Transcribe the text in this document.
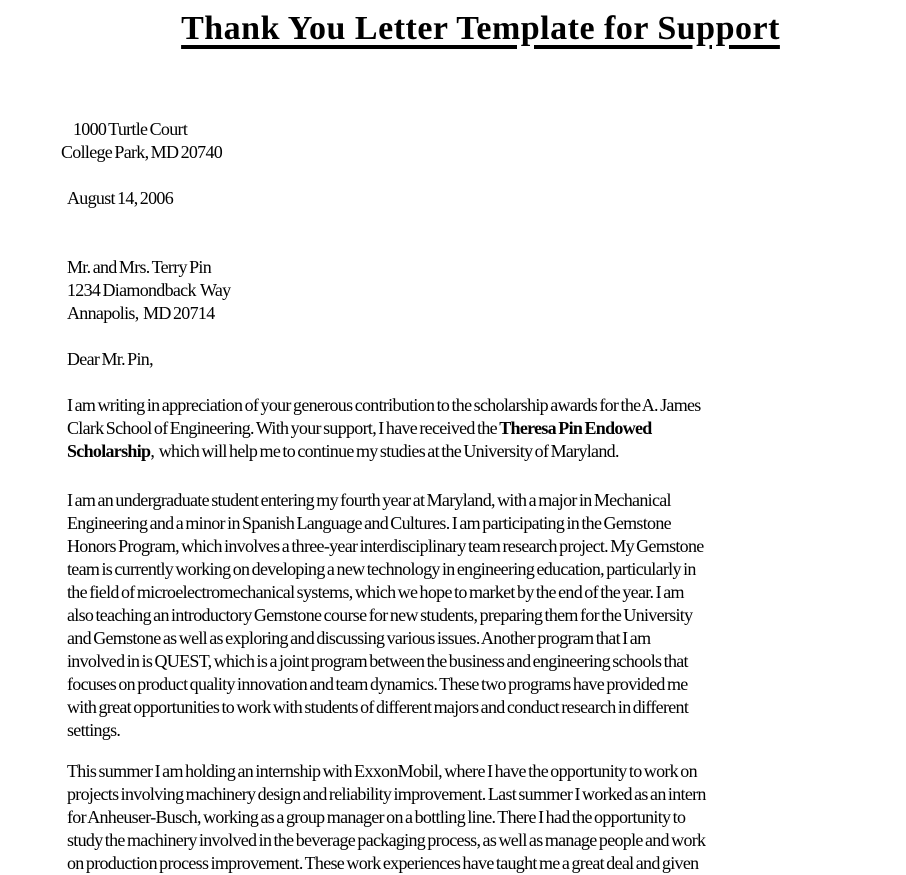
Thank You Letter Template for Support
1000 Turtle Court
College Park, MD 20740
August 14, 2006
Mr. and Mrs. Terry Pin
1234 Diamondback  Way
Annapolis,  MD 20714
Dear Mr. Pin,
I am writing in appreciation of your generous contribution to the scholarship awards for the A. James
Clark School of Engineering. With your support, I have received the Theresa Pin Endowed
Scholarship,  which will help me to continue my studies at the University of Maryland.
I am an undergraduate student entering my fourth year at Maryland, with a major in Mechanical
Engineering and a minor in Spanish Language and Cultures. I am participating in the Gemstone
Honors Program, which involves a three-year interdisciplinary team research project. My Gemstone
team is currently working on developing a new technology in engineering education, particularly in
the field of microelectromechanical systems, which we hope to market by the end of the year. I am
also teaching an introductory Gemstone course for new students, preparing them for the University
and Gemstone as well as exploring and discussing various issues. Another program that I am
involved in is QUEST, which is a joint program between the business and engineering schools that
focuses on product quality innovation and team dynamics. These two programs have provided me
with great opportunities to work with students of different majors and conduct research in different
settings.
This summer I am holding an internship with ExxonMobil, where I have the opportunity to work on
projects involving machinery design and reliability improvement. Last summer I worked as an intern
for Anheuser-Busch, working as a group manager on a bottling line. There I had the opportunity to
study the machinery involved in the beverage packaging process, as well as manage people and work
on production process improvement. These work experiences have taught me a great deal and given
